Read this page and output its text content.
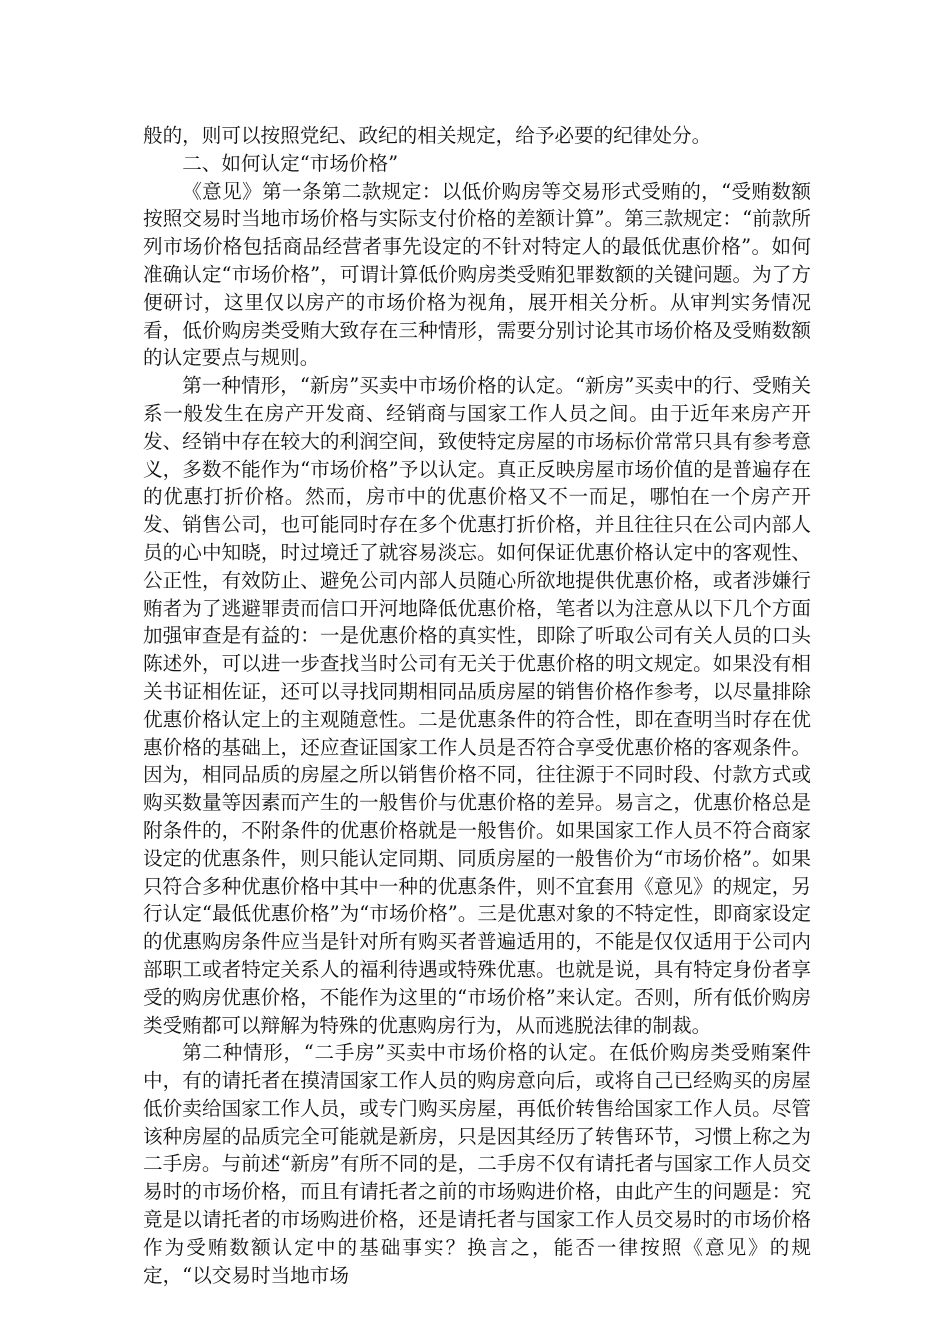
般的，则可以按照党纪、政纪的相关规定，给予必要的纪律处分。

二、如何认定“市场价格”

《意见》第一条第二款规定：以低价购房等交易形式受贿的，“受贿数额按照交易时当地市场价格与实际支付价格的差额计算”。第三款规定：“前款所列市场价格包括商品经营者事先设定的不针对特定人的最低优惠价格”。如何准确认定“市场价格”，可谓计算低价购房类受贿犯罪数额的关键问题。为了方便研讨，这里仅以房产的市场价格为视角，展开相关分析。从审判实务情况看，低价购房类受贿大致存在三种情形，需要分别讨论其市场价格及受贿数额的认定要点与规则。

第一种情形，“新房”买卖中市场价格的认定。“新房”买卖中的行、受贿关系一般发生在房产开发商、经销商与国家工作人员之间。由于近年来房产开发、经销中存在较大的利润空间，致使特定房屋的市场标价常常只具有参考意义，多数不能作为“市场价格”予以认定。真正反映房屋市场价值的是普遍存在的优惠打折价格。然而，房市中的优惠价格又不一而足，哪怕在一个房产开发、销售公司，也可能同时存在多个优惠打折价格，并且往往只在公司内部人员的心中知晓，时过境迁了就容易淡忘。如何保证优惠价格认定中的客观性、公正性，有效防止、避免公司内部人员随心所欲地提供优惠价格，或者涉嫌行贿者为了逃避罪责而信口开河地降低优惠价格，笔者以为注意从以下几个方面加强审查是有益的：一是优惠价格的真实性，即除了听取公司有关人员的口头陈述外，可以进一步查找当时公司有无关于优惠价格的明文规定。如果没有相关书证相佐证，还可以寻找同期相同品质房屋的销售价格作参考，以尽量排除优惠价格认定上的主观随意性。二是优惠条件的符合性，即在查明当时存在优惠价格的基础上，还应查证国家工作人员是否符合享受优惠价格的客观条件。因为，相同品质的房屋之所以销售价格不同，往往源于不同时段、付款方式或购买数量等因素而产生的一般售价与优惠价格的差异。易言之，优惠价格总是附条件的，不附条件的优惠价格就是一般售价。如果国家工作人员不符合商家设定的优惠条件，则只能认定同期、同质房屋的一般售价为“市场价格”。如果只符合多种优惠价格中其中一种的优惠条件，则不宜套用《意见》的规定，另行认定“最低优惠价格”为“市场价格”。三是优惠对象的不特定性，即商家设定的优惠购房条件应当是针对所有购买者普遍适用的，不能是仅仅适用于公司内部职工或者特定关系人的福利待遇或特殊优惠。也就是说，具有特定身份者享受的购房优惠价格，不能作为这里的“市场价格”来认定。否则，所有低价购房类受贿都可以辩解为特殊的优惠购房行为，从而逃脱法律的制裁。

第二种情形，“二手房”买卖中市场价格的认定。在低价购房类受贿案件中，有的请托者在摸清国家工作人员的购房意向后，或将自己已经购买的房屋低价卖给国家工作人员，或专门购买房屋，再低价转售给国家工作人员。尽管该种房屋的品质完全可能就是新房，只是因其经历了转售环节，习惯上称之为二手房。与前述“新房”有所不同的是，二手房不仅有请托者与国家工作人员交易时的市场价格，而且有请托者之前的市场购进价格，由此产生的问题是：究竟是以请托者的市场购进价格，还是请托者与国家工作人员交易时的市场价格作为受贿数额认定中的基础事实？换言之，能否一律按照《意见》的规定，“以交易时当地市场
